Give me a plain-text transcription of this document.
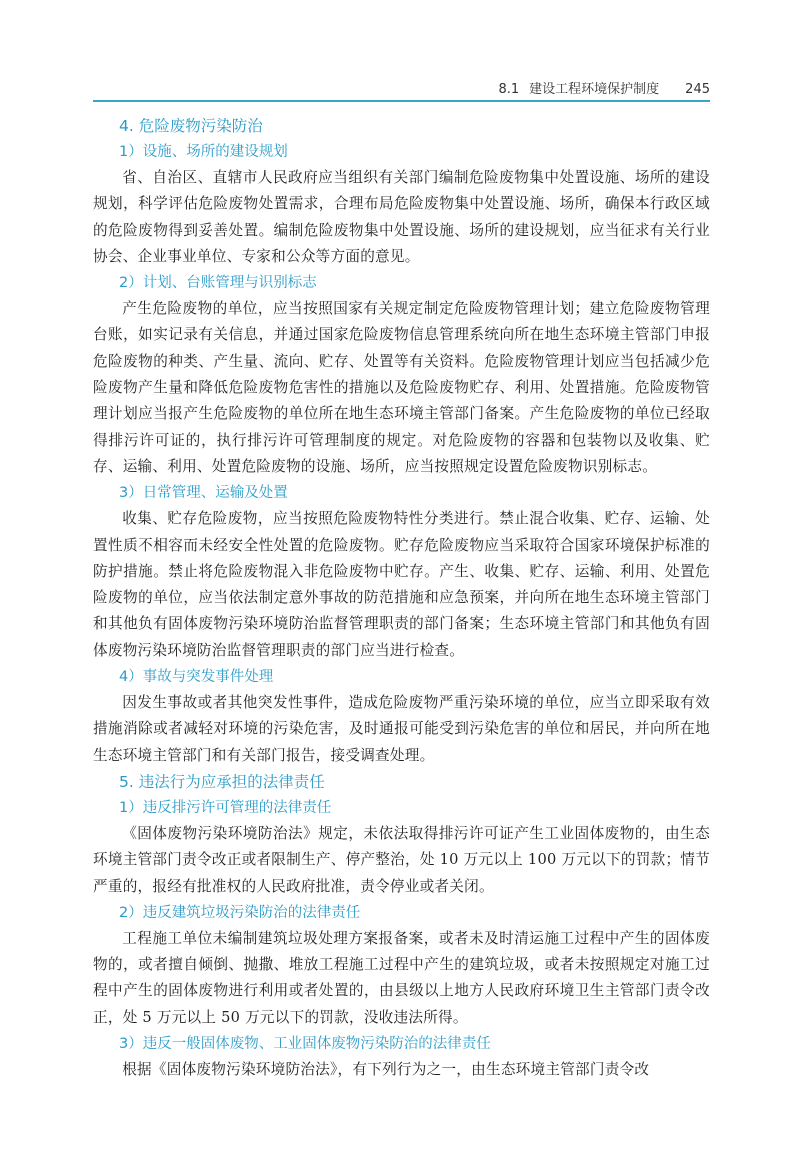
8.1 建设工程环境保护制度 245
4. 危险废物污染防治
1）设施、场所的建设规划

省、自治区、直辖市人民政府应当组织有关部门编制危险废物集中处置设施、场所的建设规划，科学评估危险废物处置需求，合理布局危险废物集中处置设施、场所，确保本行政区域的危险废物得到妥善处置。编制危险废物集中处置设施、场所的建设规划，应当征求有关行业协会、企业事业单位、专家和公众等方面的意见。

2）计划、台账管理与识别标志

产生危险废物的单位，应当按照国家有关规定制定危险废物管理计划；建立危险废物管理台账，如实记录有关信息，并通过国家危险废物信息管理系统向所在地生态环境主管部门申报危险废物的种类、产生量、流向、贮存、处置等有关资料。危险废物管理计划应当包括减少危险废物产生量和降低危险废物危害性的措施以及危险废物贮存、利用、处置措施。危险废物管理计划应当报产生危险废物的单位所在地生态环境主管部门备案。产生危险废物的单位已经取得排污许可证的，执行排污许可管理制度的规定。对危险废物的容器和包装物以及收集、贮存、运输、利用、处置危险废物的设施、场所，应当按照规定设置危险废物识别标志。

3）日常管理、运输及处置

收集、贮存危险废物，应当按照危险废物特性分类进行。禁止混合收集、贮存、运输、处置性质不相容而未经安全性处置的危险废物。贮存危险废物应当采取符合国家环境保护标准的防护措施。禁止将危险废物混入非危险废物中贮存。产生、收集、贮存、运输、利用、处置危险废物的单位，应当依法制定意外事故的防范措施和应急预案，并向所在地生态环境主管部门和其他负有固体废物污染环境防治监督管理职责的部门备案；生态环境主管部门和其他负有固体废物污染环境防治监督管理职责的部门应当进行检查。

4）事故与突发事件处理

因发生事故或者其他突发性事件，造成危险废物严重污染环境的单位，应当立即采取有效措施消除或者减轻对环境的污染危害，及时通报可能受到污染危害的单位和居民，并向所在地生态环境主管部门和有关部门报告，接受调查处理。

5. 违法行为应承担的法律责任
1）违反排污许可管理的法律责任

《固体废物污染环境防治法》规定，未依法取得排污许可证产生工业固体废物的，由生态环境主管部门责令改正或者限制生产、停产整治，处 10 万元以上 100 万元以下的罚款；情节严重的，报经有批准权的人民政府批准，责令停业或者关闭。

2）违反建筑垃圾污染防治的法律责任

工程施工单位未编制建筑垃圾处理方案报备案，或者未及时清运施工过程中产生的固体废物的，或者擅自倾倒、抛撒、堆放工程施工过程中产生的建筑垃圾，或者未按照规定对施工过程中产生的固体废物进行利用或者处置的，由县级以上地方人民政府环境卫生主管部门责令改正，处 5 万元以上 50 万元以下的罚款，没收违法所得。

3）违反一般固体废物、工业固体废物污染防治的法律责任

根据《固体废物污染环境防治法》，有下列行为之一，由生态环境主管部门责令改
